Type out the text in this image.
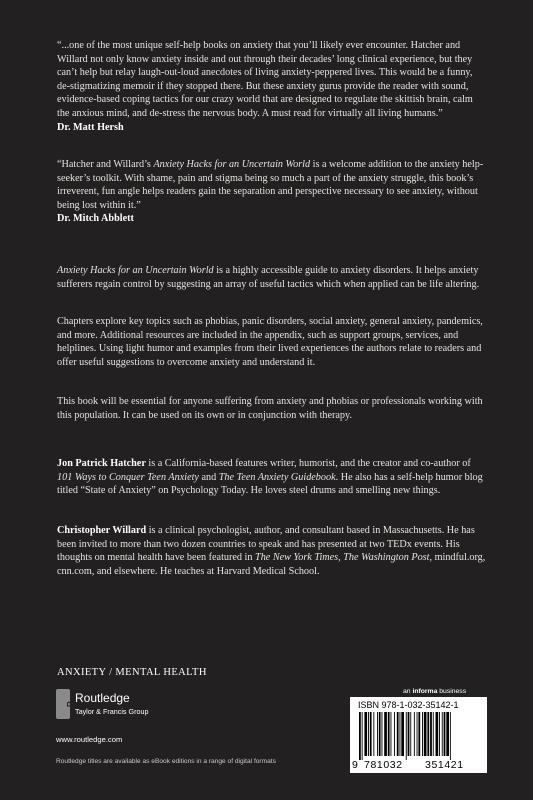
“...one of the most unique self-help books on anxiety that you’ll likely ever encounter. Hatcher and Willard not only know anxiety inside and out through their decades’ long clinical experience, but they can’t help but relay laugh-out-loud anecdotes of living anxiety-peppered lives. This would be a funny, de-stigmatizing memoir if they stopped there. But these anxiety gurus provide the reader with sound, evidence-based coping tactics for our crazy world that are designed to regulate the skittish brain, calm the anxious mind, and de-stress the nervous body. A must read for virtually all living humans.”

Dr. Matt Hersh

“Hatcher and Willard’s Anxiety Hacks for an Uncertain World is a welcome addition to the anxiety help-seeker’s toolkit. With shame, pain and stigma being so much a part of the anxiety struggle, this book’s irreverent, fun angle helps readers gain the separation and perspective necessary to see anxiety, without being lost within it.”

Dr. Mitch Abblett

Anxiety Hacks for an Uncertain World is a highly accessible guide to anxiety disorders. It helps anxiety sufferers regain control by suggesting an array of useful tactics which when applied can be life altering.

Chapters explore key topics such as phobias, panic disorders, social anxiety, general anxiety, pandemics, and more. Additional resources are included in the appendix, such as support groups, services, and helplines. Using light humor and examples from their lived experiences the authors relate to readers and offer useful suggestions to overcome anxiety and understand it.

This book will be essential for anyone suffering from anxiety and phobias or professionals working with this population. It can be used on its own or in conjunction with therapy.

Jon Patrick Hatcher is a California-based features writer, humorist, and the creator and co-author of 101 Ways to Conquer Teen Anxiety and The Teen Anxiety Guidebook. He also has a self-help humor blog titled “State of Anxiety” on Psychology Today. He loves steel drums and smelling new things.

Christopher Willard is a clinical psychologist, author, and consultant based in Massachusetts. He has been invited to more than two dozen countries to speak and has presented at two TEDx events. His thoughts on mental health have been featured in The New York Times, The Washington Post, mindful.org, cnn.com, and elsewhere. He teaches at Harvard Medical School.

ANXIETY / MENTAL HEALTH
R Routledge
Taylor & Francis Group
www.routledge.com
Routledge titles are available as eBook editions in a range of digital formats
an informa business
ISBN 978-1-032-35142-1
9 781032 351421
